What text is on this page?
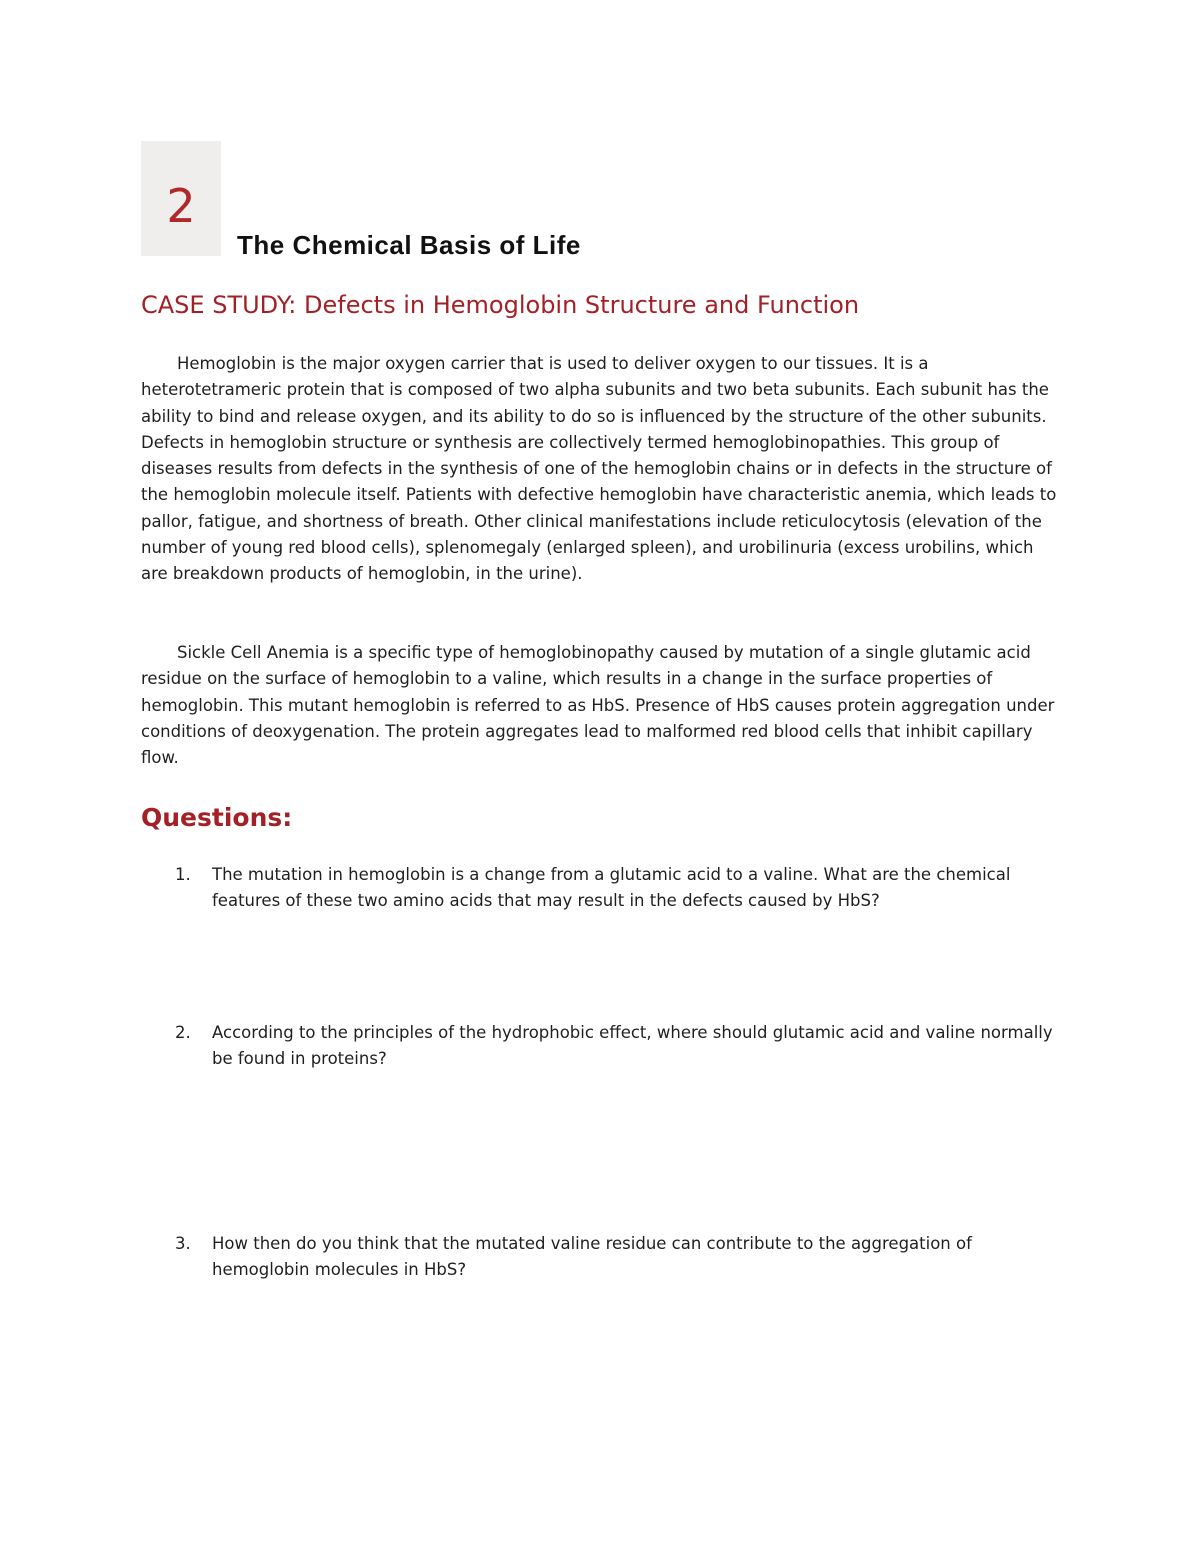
2
The Chemical Basis of Life
CASE STUDY: Defects in Hemoglobin Structure and Function

Hemoglobin is the major oxygen carrier that is used to deliver oxygen to our tissues. It is a heterotetrameric protein that is composed of two alpha subunits and two beta subunits. Each subunit has the ability to bind and release oxygen, and its ability to do so is influenced by the structure of the other subunits. Defects in hemoglobin structure or synthesis are collectively termed hemoglobinopathies. This group of diseases results from defects in the synthesis of one of the hemoglobin chains or in defects in the structure of the hemoglobin molecule itself. Patients with defective hemoglobin have characteristic anemia, which leads to pallor, fatigue, and shortness of breath. Other clinical manifestations include reticulocytosis (elevation of the number of young red blood cells), splenomegaly (enlarged spleen), and urobilinuria (excess urobilins, which are breakdown products of hemoglobin, in the urine).

Sickle Cell Anemia is a specific type of hemoglobinopathy caused by mutation of a single glutamic acid residue on the surface of hemoglobin to a valine, which results in a change in the surface properties of hemoglobin. This mutant hemoglobin is referred to as HbS. Presence of HbS causes protein aggregation under conditions of deoxygenation. The protein aggregates lead to malformed red blood cells that inhibit capillary flow.

Questions:
1.	The mutation in hemoglobin is a change from a glutamic acid to a valine. What are the chemical features of these two amino acids that may result in the defects caused by HbS?
2.	According to the principles of the hydrophobic effect, where should glutamic acid and valine normally be found in proteins?
3.	How then do you think that the mutated valine residue can contribute to the aggregation of hemoglobin molecules in HbS?
